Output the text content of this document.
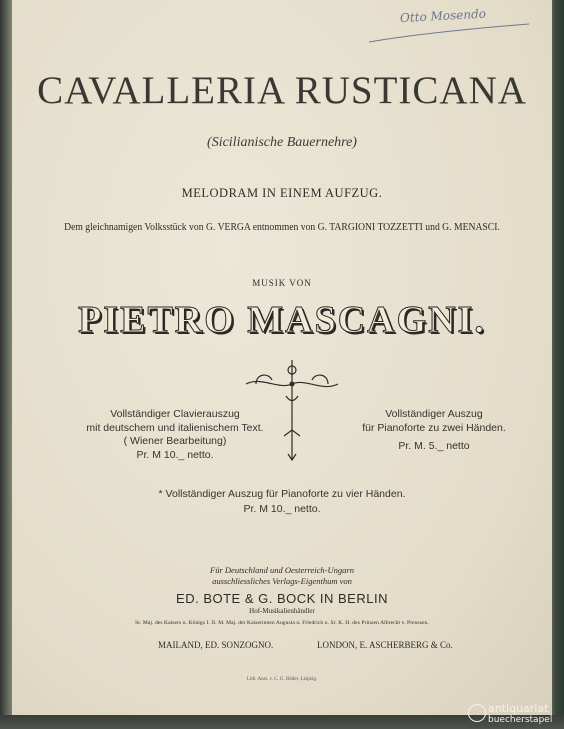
Otto Mosendo
CAVALLERIA RUSTICANA
(Sicilianische Bauernehre)
MELODRAM IN EINEM AUFZUG.
Dem gleichnamigen Volksstück von G. VERGA entnommen von G. TARGIONI TOZZETTI und G. MENASCI.
MUSIK VON
PIETRO MASCAGNI.
Vollständiger Clavierauszug
mit deutschem und italienischem Text.
( Wiener Bearbeitung)
Pr. M 10._ netto.
Vollständiger Auszug
für Pianoforte zu zwei Händen.
Pr. M. 5._ netto
* Vollständiger Auszug für Pianoforte zu vier Händen.
Pr. M 10._ netto.
Für Deutschland und Oesterreich-Ungarn
ausschliessliches Verlags-Eigenthum von
ED. BOTE & G. BOCK IN BERLIN
Hof-Musikalienhändler
Sr. Maj. des Kaisers u. Königs I. II. M. Maj. der Kaiserinnen Augusta u. Friedrich u. Sr. K. H. des Prinzen Albrecht v. Preussen.
MAILAND, ED. SONZOGNO.	LONDON, E. ASCHERBERG & Co.
Lith. Anst. v. C. G. Röder, Leipzig.
antiquariat
buecherstapel
